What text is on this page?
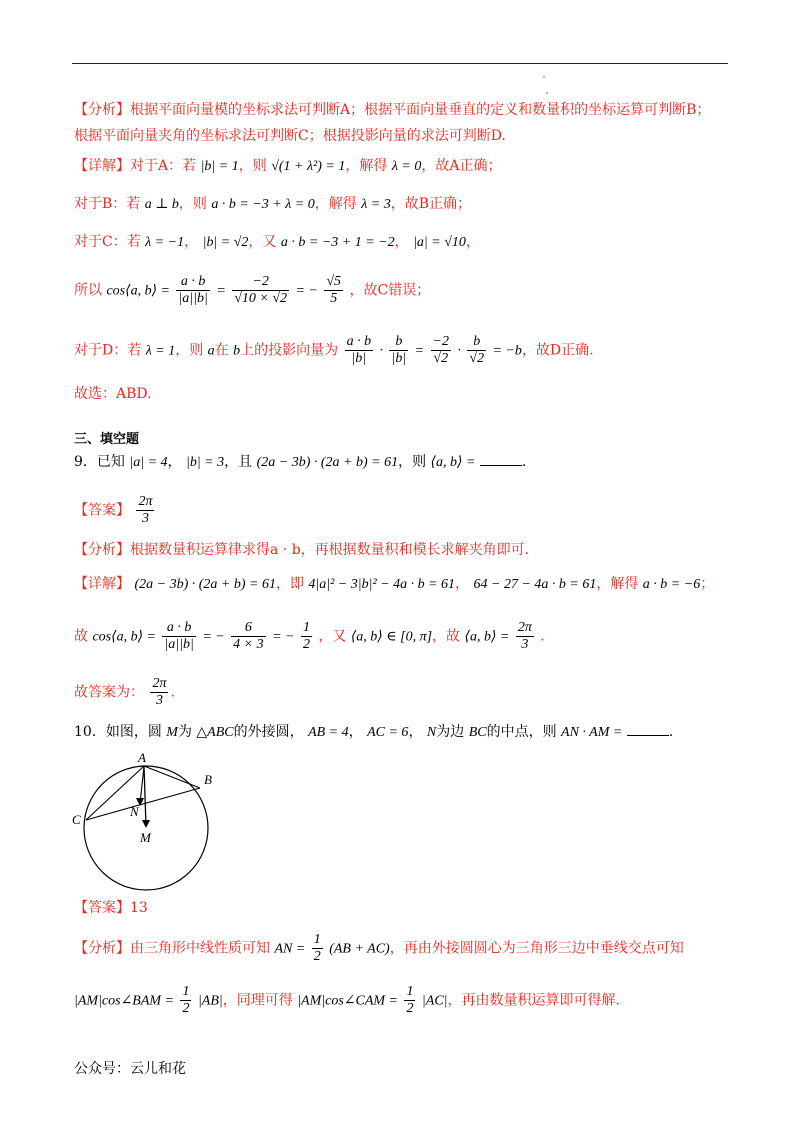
【分析】根据平面向量模的坐标求法可判断A；根据平面向量垂直的定义和数量积的坐标运算可判断B；
根据平面向量夹角的坐标求法可判断C；根据投影向量的求法可判断D.
【详解】对于A：若 |b| = 1，则 √(1 + λ²) = 1，解得 λ = 0，故A正确；
对于B：若 a ⊥ b，则 a · b = −3 + λ = 0，解得 λ = 3，故B正确；
对于C：若 λ = −1， |b| = √2，又 a · b = −3 + 1 = −2， |a| = √10，
所以 cos⟨a, b⟩ = $\frac{a \cdot b}{|a||b|} = \frac{-2}{√10 \times √2}$ = − $\frac{√5}{5}$ ，故C错误；
对于D：若 λ = 1，则 a在 b上的投影向量为 $\frac{a \cdot b}{|b|} \cdot \frac{b}{|b|} = \frac{-2}{√2} \cdot \frac{b}{√2} = -b$，故D正确.
故选：ABD.
三、填空题
9．已知 |a| = 4， |b| = 3，且 (2a − 3b) · (2a + b) = 61，则 ⟨a, b⟩ =	.
【答案】 $\frac{2\pi}{3}$
【分析】根据数量积运算律求得a · b，再根据数量积和模长求解夹角即可.
【详解】 (2a − 3b) · (2a + b) = 61，即 4|a|² − 3|b|² − 4a · b = 61， 64 − 27 − 4a · b = 61，解得 a · b = −6；
故 cos⟨a, b⟩ = $\frac{a \cdot b}{|a||b|}$ = − $\frac{6}{4 \times 3}$ = − $\frac{1}{2}$ ，又 ⟨a, b⟩ ∈ [0, π]，故 ⟨a, b⟩ = $\frac{2\pi}{3}$ .
故答案为： $\frac{2\pi}{3}$ .
10．如图，圆 M为 △ABC的外接圆， AB = 4， AC = 6， N为边 BC的中点，则 AN · AM =	.
A
B
C
N
M
【答案】13
【分析】由三角形中线性质可知 AN = $\frac{1}{2} (AB + AC)$，再由外接圆圆心为三角形三边中垂线交点可知
|AM|cos∠BAM = $\frac{1}{2} |AB|$，同理可得 |AM|cos∠CAM = $\frac{1}{2} |AC|$，再由数量积运算即可得解.
公众号：云儿和花
